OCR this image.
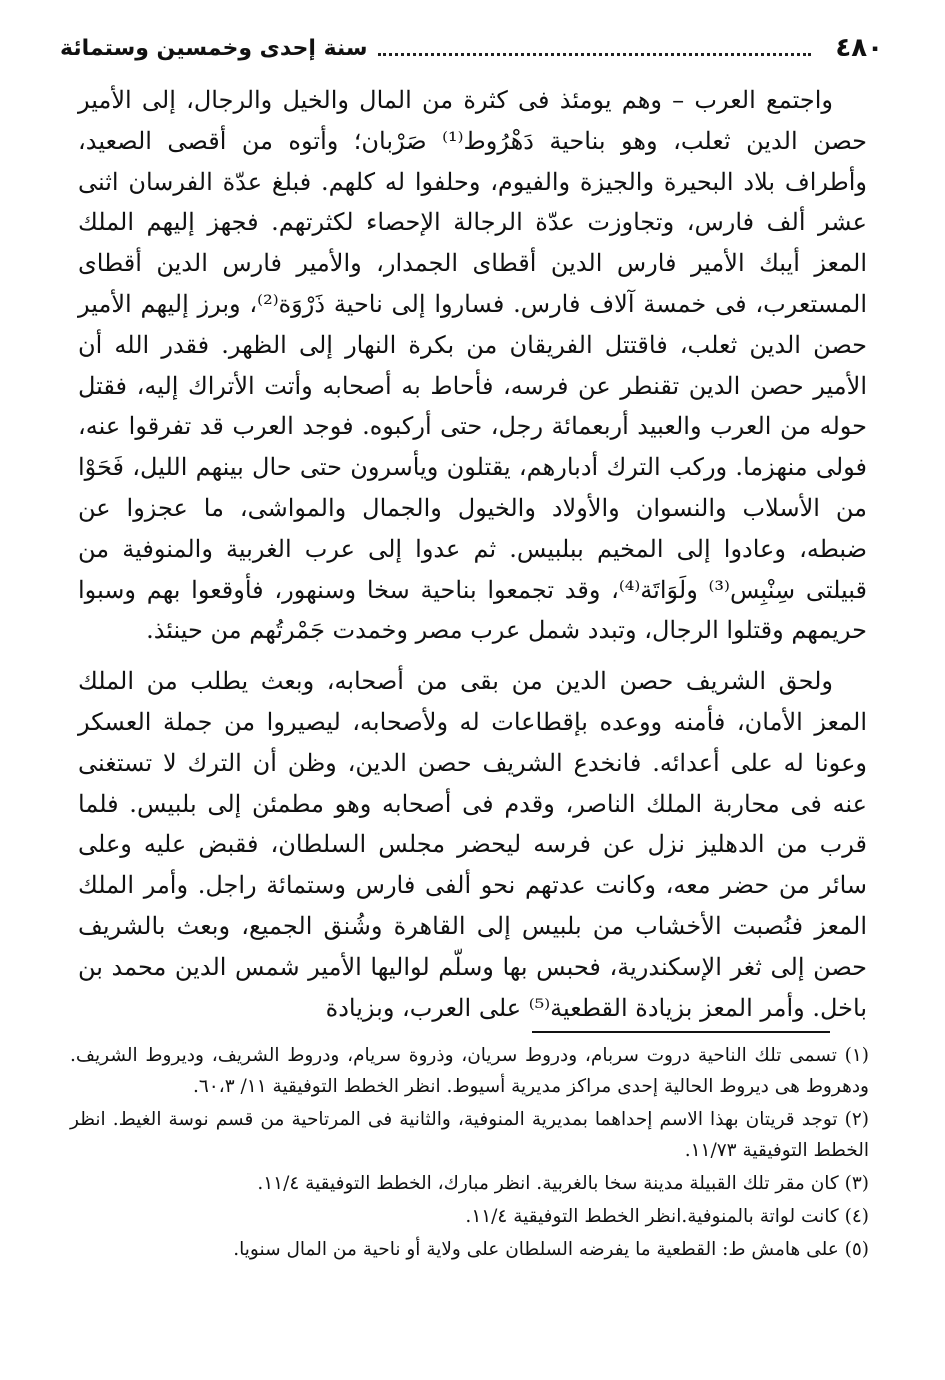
٤٨٠
سنة إحدى وخمسين وستمائة

واجتمع العرب – وهم يومئذ فى كثرة من المال والخيل والرجال، إلى الأمير حصن الدين ثعلب، وهو بناحية دَهْرُوط⁽¹⁾ صَرْبان؛ وأتوه من أقصى الصعيد، وأطراف بلاد البحيرة والجيزة والفيوم، وحلفوا له كلهم. فبلغ عدّة الفرسان اثنى عشر ألف فارس، وتجاوزت عدّة الرجالة الإحصاء لكثرتهم. فجهز إليهم الملك المعز أيبك الأمير فارس الدين أقطاى الجمدار، والأمير فارس الدين أقطاى المستعرب، فى خمسة آلاف فارس. فساروا إلى ناحية ذَرْوَة⁽²⁾، وبرز إليهم الأمير حصن الدين ثعلب، فاقتتل الفريقان من بكرة النهار إلى الظهر. فقدر الله أن الأمير حصن الدين تقنطر عن فرسه، فأحاط به أصحابه وأتت الأتراك إليه، فقتل حوله من العرب والعبيد أربعمائة رجل، حتى أركبوه. فوجد العرب قد تفرقوا عنه، فولى منهزما. وركب الترك أدبارهم، يقتلون ويأسرون حتى حال بينهم الليل، فَحَوْا من الأسلاب والنسوان والأولاد والخيول والجمال والمواشى، ما عجزوا عن ضبطه، وعادوا إلى المخيم ببلبيس. ثم عدوا إلى عرب الغربية والمنوفية من قبيلتى سِنْبِس⁽³⁾ ولَوَاتَة⁽⁴⁾، وقد تجمعوا بناحية سخا وسنهور، فأوقعوا بهم وسبوا حريمهم وقتلوا الرجال، وتبدد شمل عرب مصر وخمدت جَمْرتُهم من حينئذ.

ولحق الشريف حصن الدين من بقى من أصحابه، وبعث يطلب من الملك المعز الأمان، فأمنه ووعده بإقطاعات له ولأصحابه، ليصيروا من جملة العسكر وعونا له على أعدائه. فانخدع الشريف حصن الدين، وظن أن الترك لا تستغنى عنه فى محاربة الملك الناصر، وقدم فى أصحابه وهو مطمئن إلى بلبيس. فلما قرب من الدهليز نزل عن فرسه ليحضر مجلس السلطان، فقبض عليه وعلى سائر من حضر معه، وكانت عدتهم نحو ألفى فارس وستمائة راجل. وأمر الملك المعز فنُصبت الأخشاب من بلبيس إلى القاهرة وشُنق الجميع، وبعث بالشريف حصن إلى ثغر الإسكندرية، فحبس بها وسلّم لواليها الأمير شمس الدين محمد بن باخل. وأمر المعز بزيادة القطعية⁽⁵⁾ على العرب، وبزيادة

(١) تسمى تلك الناحية دروت سربام، ودروط سريان، وذروة سريام، ودروط الشريف، وديروط الشريف. ودهروط هى ديروط الحالية إحدى مراكز مديرية أسيوط. انظر الخطط التوفيقية ١١/ ٦٠،٣.

(٢) توجد قريتان بهذا الاسم إحداهما بمديرية المنوفية، والثانية فى المرتاحية من قسم نوسة الغيط. انظر الخطط التوفيقية ١١/٧٣.

(٣) كان مقر تلك القبيلة مدينة سخا بالغربية. انظر مبارك، الخطط التوفيقية ١١/٤.

(٤) كانت لواتة بالمنوفية.انظر الخطط التوفيقية ١١/٤.

(٥) على هامش ط: القطعية ما يفرضه السلطان على ولاية أو ناحية من المال سنويا.
